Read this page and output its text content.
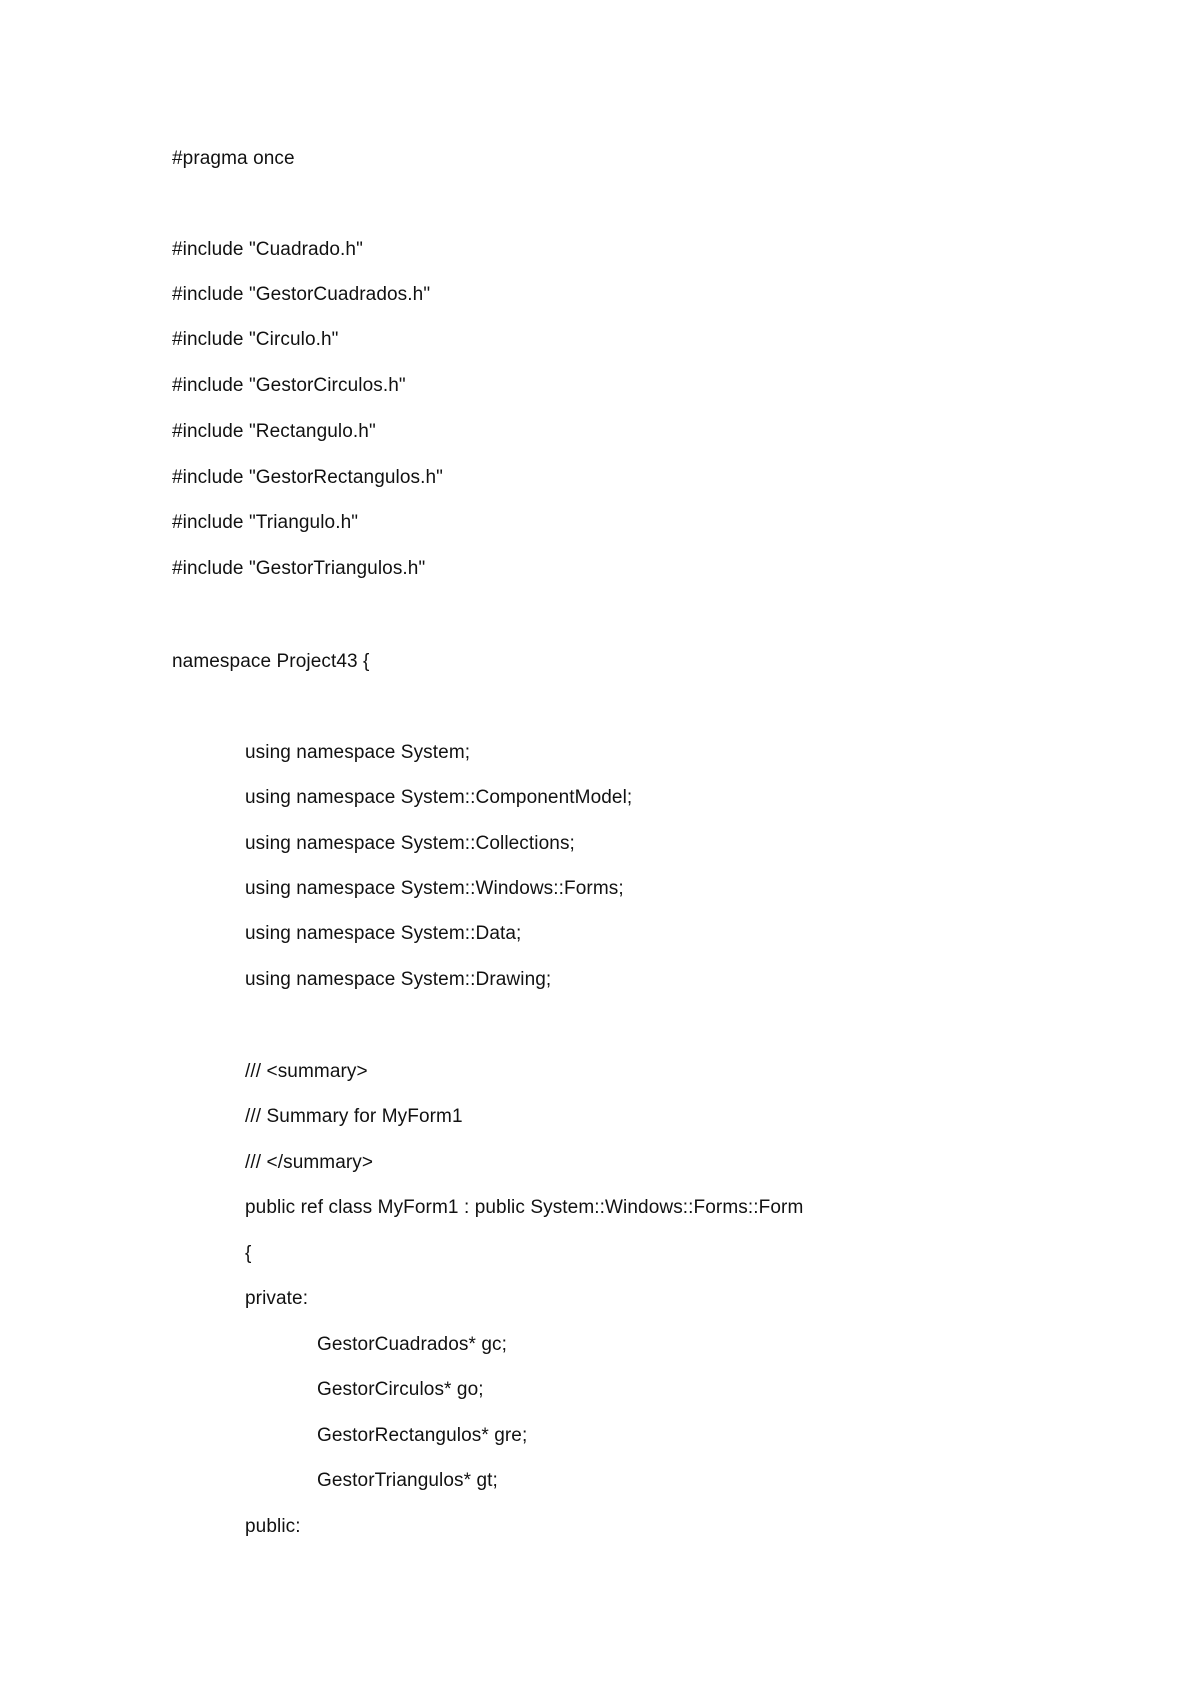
#pragma once
#include "Cuadrado.h"
#include "GestorCuadrados.h"
#include "Circulo.h"
#include "GestorCirculos.h"
#include "Rectangulo.h"
#include "GestorRectangulos.h"
#include "Triangulo.h"
#include "GestorTriangulos.h"
namespace Project43 {
using namespace System;
using namespace System::ComponentModel;
using namespace System::Collections;
using namespace System::Windows::Forms;
using namespace System::Data;
using namespace System::Drawing;
/// <summary>
/// Summary for MyForm1
/// </summary>
public ref class MyForm1 : public System::Windows::Forms::Form
{
private:
GestorCuadrados* gc;
GestorCirculos* go;
GestorRectangulos* gre;
GestorTriangulos* gt;
public:
